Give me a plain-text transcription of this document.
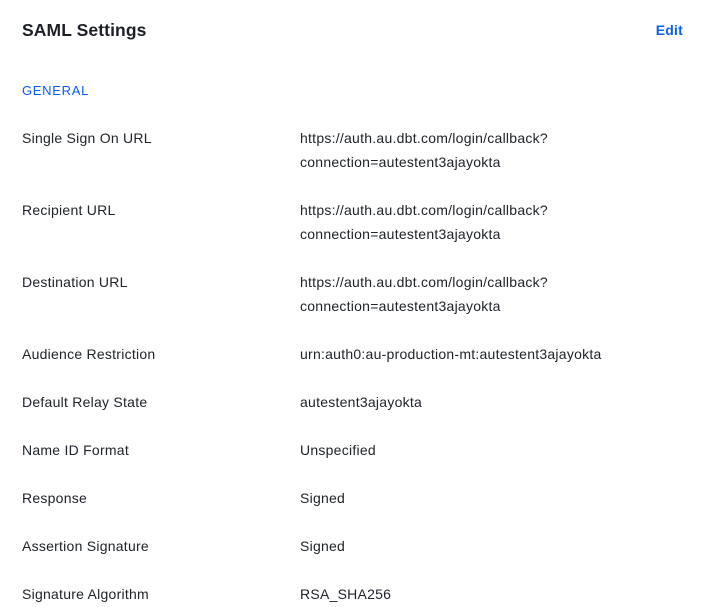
SAML Settings	Edit
GENERAL
Single Sign On URL	https://auth.au.dbt.com/login/callback?
connection=autestent3ajayokta
Recipient URL	https://auth.au.dbt.com/login/callback?
connection=autestent3ajayokta
Destination URL	https://auth.au.dbt.com/login/callback?
connection=autestent3ajayokta
Audience Restriction	urn:auth0:au-production-mt:autestent3ajayokta
Default Relay State	autestent3ajayokta
Name ID Format	Unspecified
Response	Signed
Assertion Signature	Signed
Signature Algorithm	RSA_SHA256
